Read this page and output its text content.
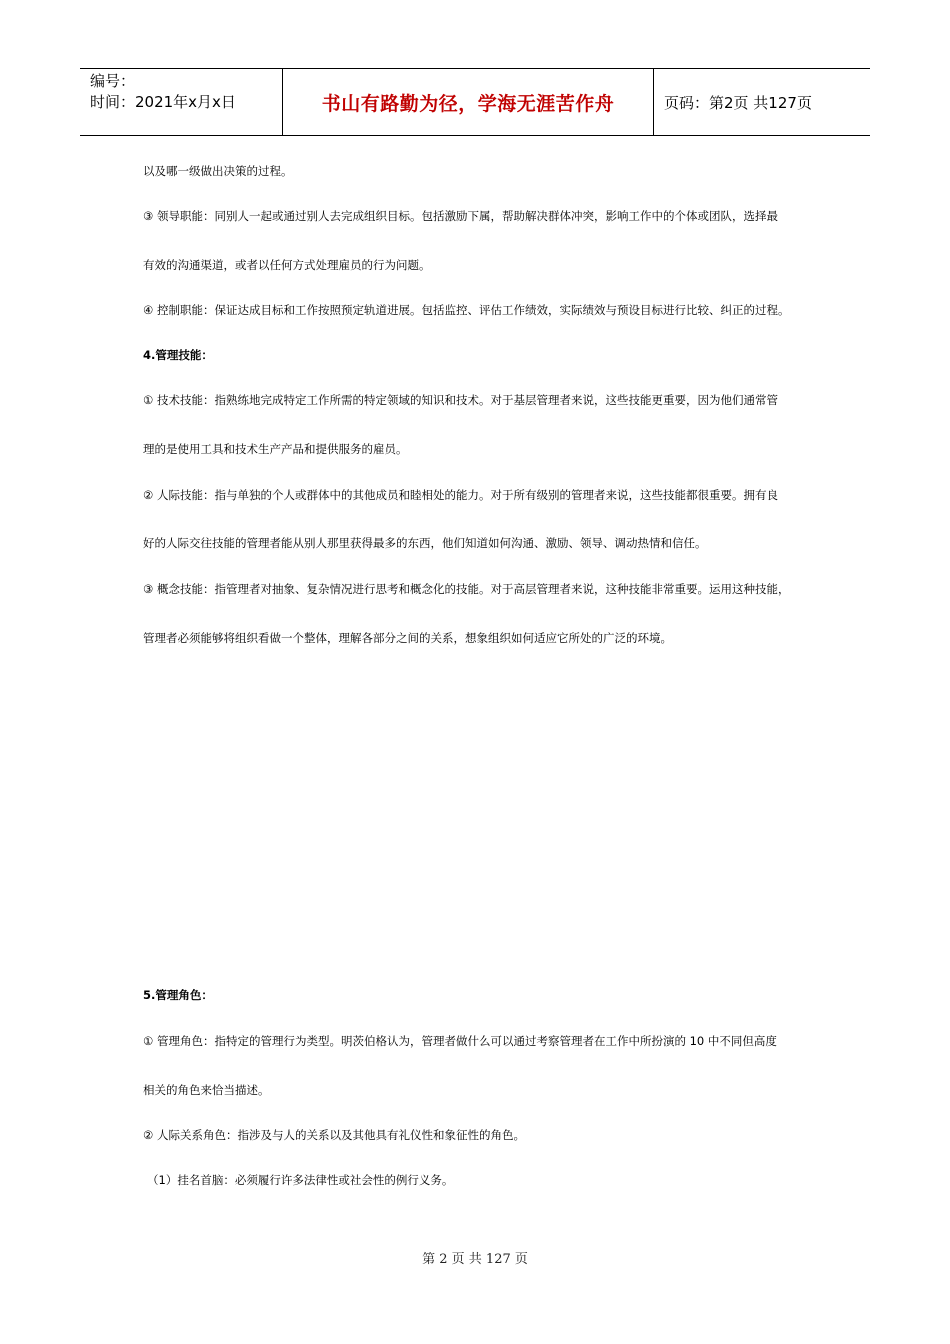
编号：
时间：2021年x月x日	书山有路勤为径，学海无涯苦作舟	页码：第2页 共127页
以及哪一级做出决策的过程。
③ 领导职能：同别人一起或通过别人去完成组织目标。包括激励下属，帮助解决群体冲突，影响工作中的个体或团队，选择最
有效的沟通渠道，或者以任何方式处理雇员的行为问题。
④ 控制职能：保证达成目标和工作按照预定轨道进展。包括监控、评估工作绩效，实际绩效与预设目标进行比较、纠正的过程。
4.管理技能：
① 技术技能：指熟练地完成特定工作所需的特定领域的知识和技术。对于基层管理者来说，这些技能更重要，因为他们通常管
理的是使用工具和技术生产产品和提供服务的雇员。
② 人际技能：指与单独的个人或群体中的其他成员和睦相处的能力。对于所有级别的管理者来说，这些技能都很重要。拥有良
好的人际交往技能的管理者能从别人那里获得最多的东西，他们知道如何沟通、激励、领导、调动热情和信任。
③ 概念技能：指管理者对抽象、复杂情况进行思考和概念化的技能。对于高层管理者来说，这种技能非常重要。运用这种技能，
管理者必须能够将组织看做一个整体，理解各部分之间的关系，想象组织如何适应它所处的广泛的环境。
5.管理角色：
① 管理角色：指特定的管理行为类型。明茨伯格认为，管理者做什么可以通过考察管理者在工作中所扮演的 10 中不同但高度
相关的角色来恰当描述。
② 人际关系角色：指涉及与人的关系以及其他具有礼仪性和象征性的角色。
（1）挂名首脑：必须履行许多法律性或社会性的例行义务。
第 2 页 共 127 页
